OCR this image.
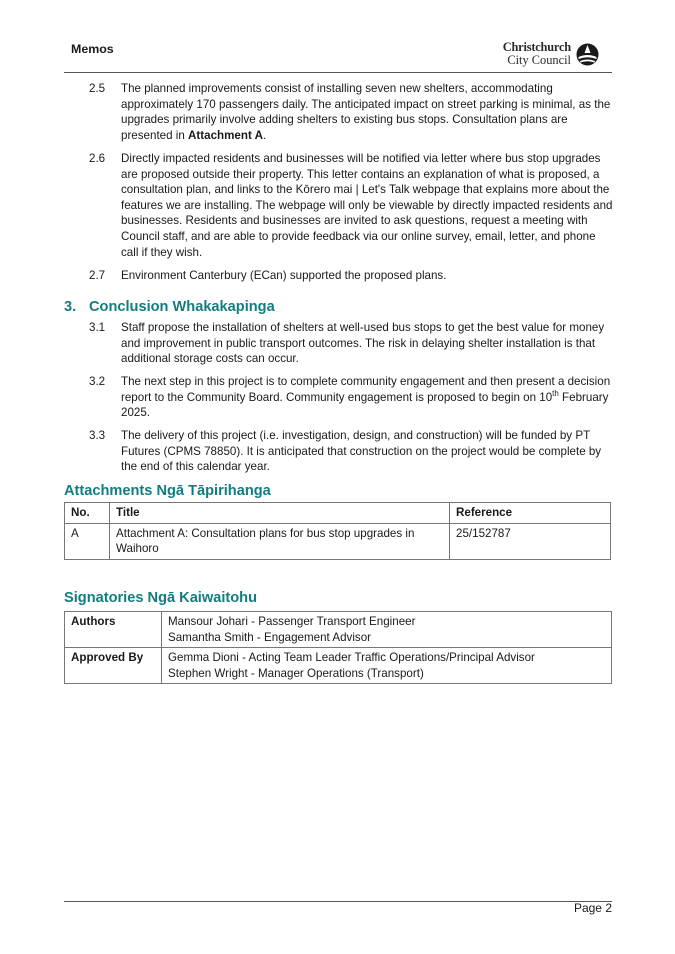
Memos	Christchurch
City Council
2.5 The planned improvements consist of installing seven new shelters, accommodating approximately 170 passengers daily. The anticipated impact on street parking is minimal, as the upgrades primarily involve adding shelters to existing bus stops. Consultation plans are presented in Attachment A.
2.6 Directly impacted residents and businesses will be notified via letter where bus stop upgrades are proposed outside their property. This letter contains an explanation of what is proposed, a consultation plan, and links to the Kōrero mai | Let's Talk webpage that explains more about the features we are installing. The webpage will only be viewable by directly impacted residents and businesses. Residents and businesses are invited to ask questions, request a meeting with Council staff, and are able to provide feedback via our online survey, email, letter, and phone call if they wish.
2.7 Environment Canterbury (ECan) supported the proposed plans.
3. Conclusion Whakakapinga
3.1 Staff propose the installation of shelters at well-used bus stops to get the best value for money and improvement in public transport outcomes. The risk in delaying shelter installation is that additional storage costs can occur.
3.2 The next step in this project is to complete community engagement and then present a decision report to the Community Board. Community engagement is proposed to begin on 10th February 2025.
3.3 The delivery of this project (i.e. investigation, design, and construction) will be funded by PT Futures (CPMS 78850). It is anticipated that construction on the project would be complete by the end of this calendar year.
Attachments Ngā Tāpirihanga
No.	Title	Reference
A	Attachment A: Consultation plans for bus stop upgrades in Waihoro	25/152787
Signatories Ngā Kaiwaitohu
Authors	Mansour Johari - Passenger Transport Engineer
Samantha Smith - Engagement Advisor

Approved By	Gemma Dioni - Acting Team Leader Traffic Operations/Principal Advisor
Stephen Wright - Manager Operations (Transport)
Page 2
